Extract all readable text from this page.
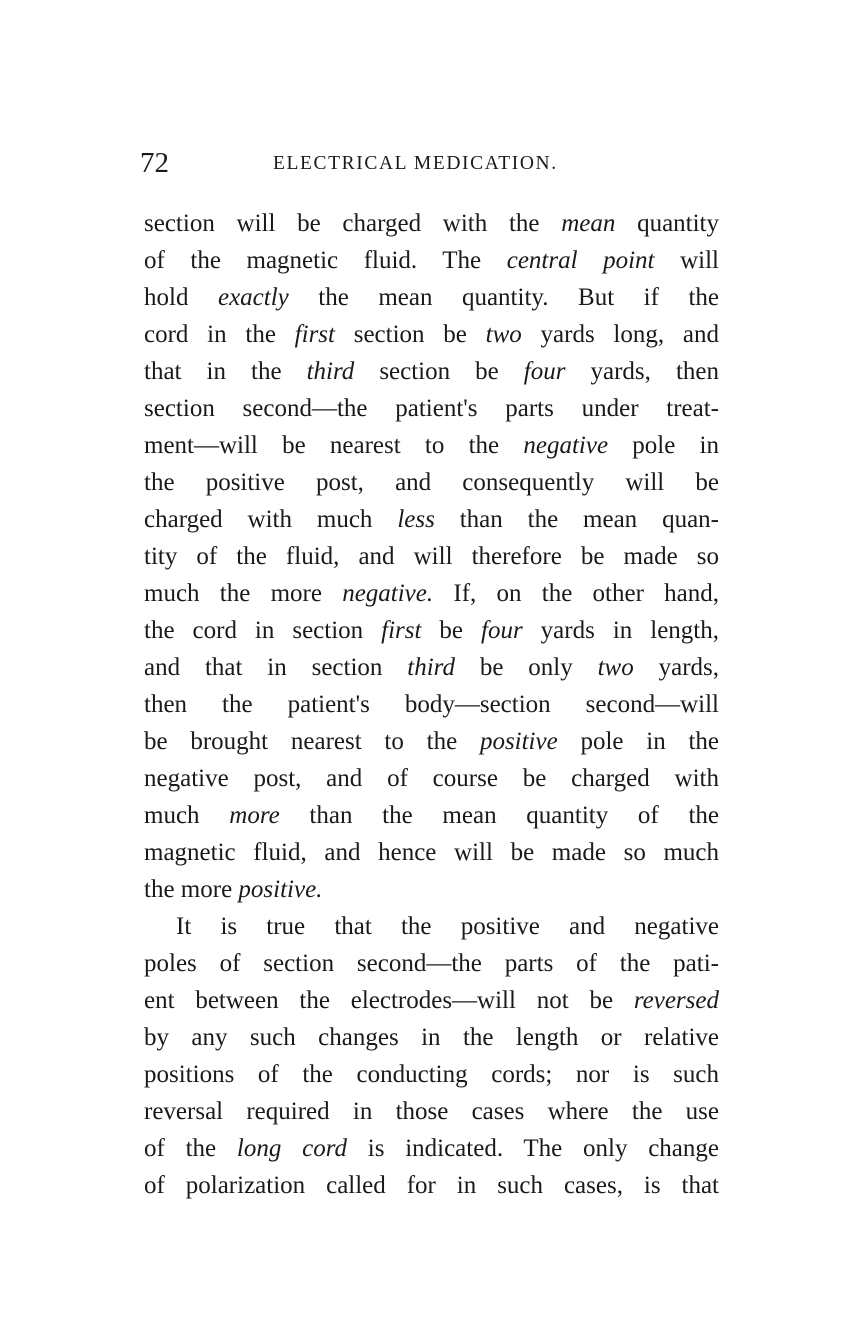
72	ELECTRICAL MEDICATION.
section will be charged with the mean quantity
of the magnetic fluid. The central point will
hold exactly the mean quantity. But if the
cord in the first section be two yards long, and
that in the third section be four yards, then
section second—the patient's parts under treat-
ment—will be nearest to the negative pole in
the positive post, and consequently will be
charged with much less than the mean quan-
tity of the fluid, and will therefore be made so
much the more negative. If, on the other hand,
the cord in section first be four yards in length,
and that in section third be only two yards,
then the patient's body—section second—will
be brought nearest to the positive pole in the
negative post, and of course be charged with
much more than the mean quantity of the
magnetic fluid, and hence will be made so much
the more positive.
It is true that the positive and negative
poles of section second—the parts of the pati-
ent between the electrodes—will not be reversed
by any such changes in the length or relative
positions of the conducting cords; nor is such
reversal required in those cases where the use
of the long cord is indicated. The only change
of polarization called for in such cases, is that
